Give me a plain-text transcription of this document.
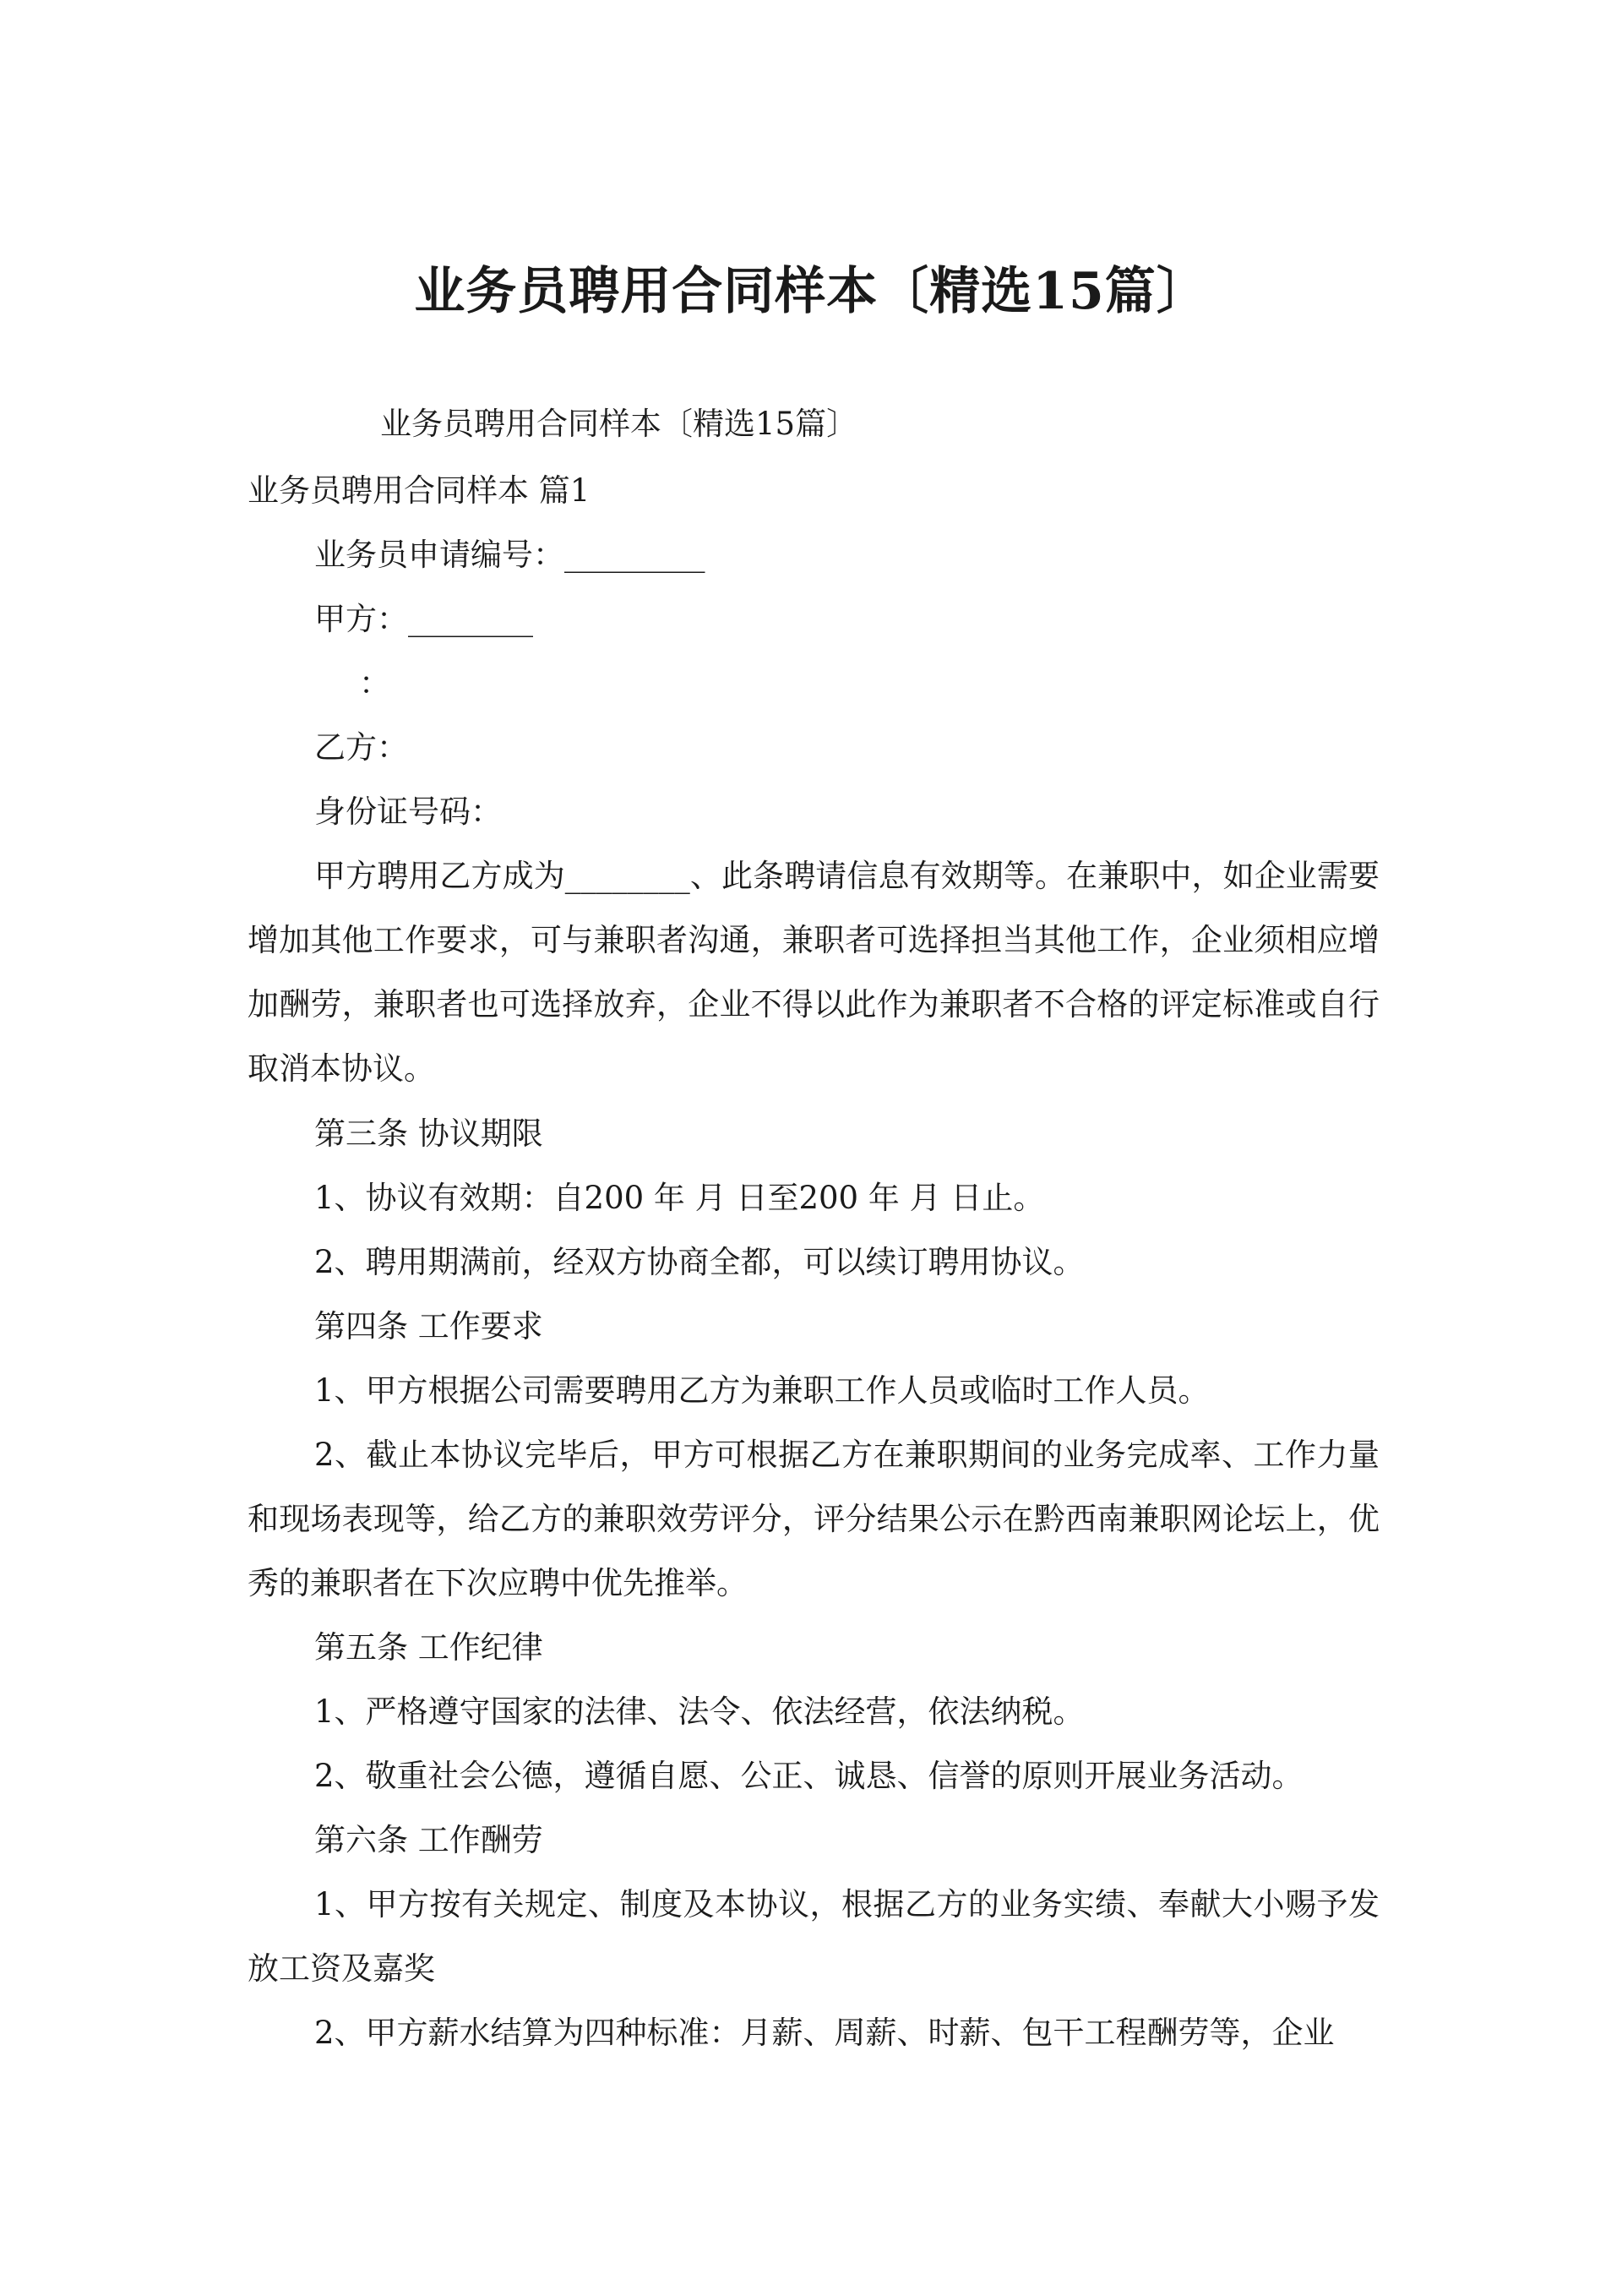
业务员聘用合同样本〔精选15篇〕
业务员聘用合同样本〔精选15篇〕
业务员聘用合同样本 篇1
业务员申请编号：_________
甲方：________
：
乙方：
身份证号码：

甲方聘用乙方成为________、此条聘请信息有效期等。在兼职中，如企业需要增加其他工作要求，可与兼职者沟通，兼职者可选择担当其他工作，企业须相应增加酬劳，兼职者也可选择放弃，企业不得以此作为兼职者不合格的评定标准或自行取消本协议。

第三条 协议期限
1、协议有效期：自200 年 月 日至200 年 月 日止。
2、聘用期满前，经双方协商全都，可以续订聘用协议。
第四条 工作要求
1、甲方根据公司需要聘用乙方为兼职工作人员或临时工作人员。

2、截止本协议完毕后，甲方可根据乙方在兼职期间的业务完成率、工作力量和现场表现等，给乙方的兼职效劳评分，评分结果公示在黔西南兼职网论坛上，优秀的兼职者在下次应聘中优先推举。

第五条 工作纪律
1、严格遵守国家的法律、法令、依法经营，依法纳税。
2、敬重社会公德，遵循自愿、公正、诚恳、信誉的原则开展业务活动。
第六条 工作酬劳

1、甲方按有关规定、制度及本协议，根据乙方的业务实绩、奉献大小赐予发放工资及嘉奖

2、甲方薪水结算为四种标准：月薪、周薪、时薪、包干工程酬劳等，企业
